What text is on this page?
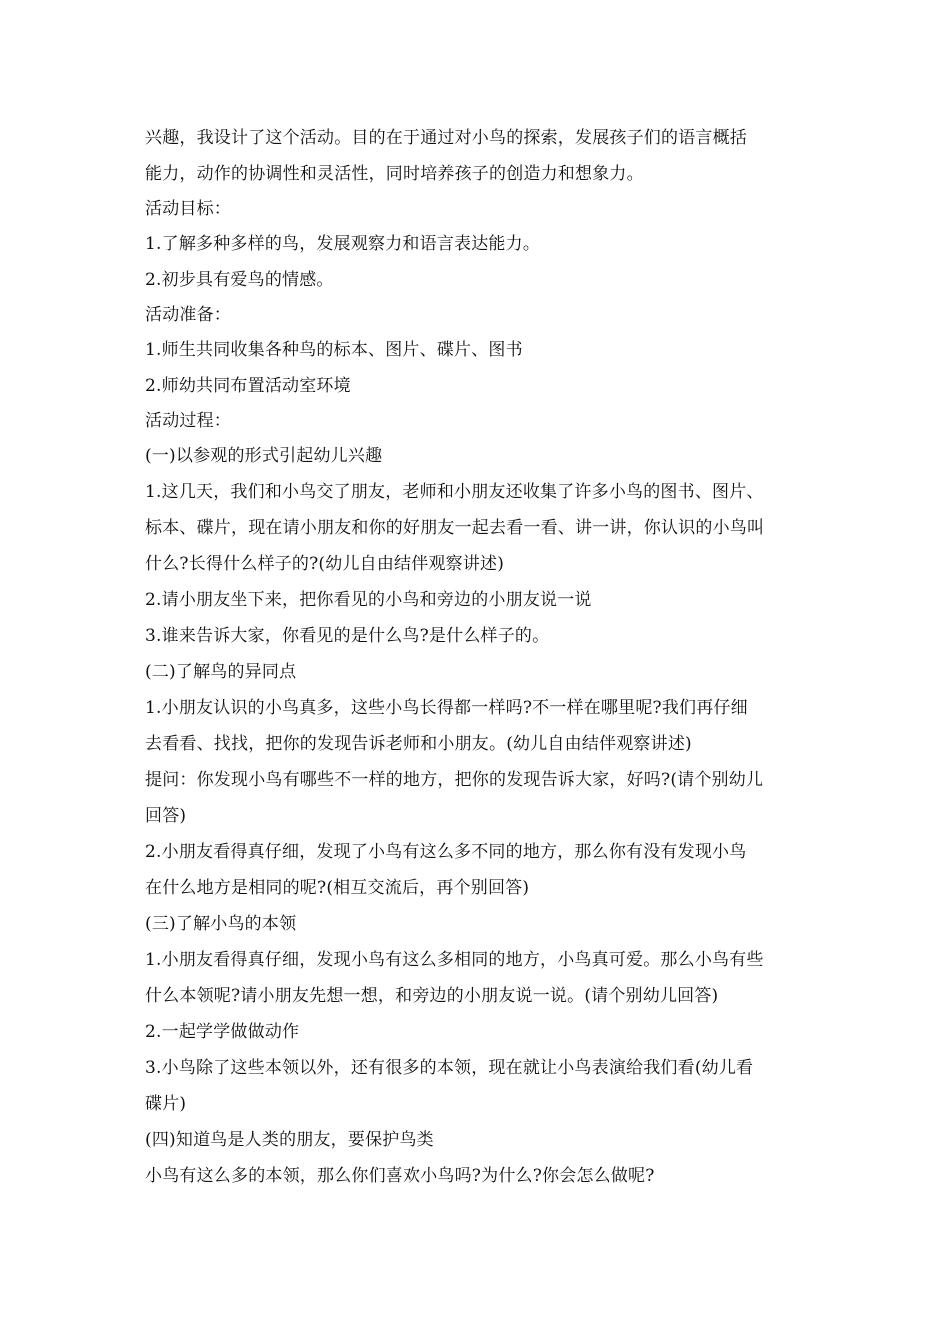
兴趣，我设计了这个活动。目的在于通过对小鸟的探索，发展孩子们的语言概括
能力，动作的协调性和灵活性，同时培养孩子的创造力和想象力。
活动目标：
1.了解多种多样的鸟，发展观察力和语言表达能力。
2.初步具有爱鸟的情感。
活动准备：
1.师生共同收集各种鸟的标本、图片、碟片、图书
2.师幼共同布置活动室环境
活动过程：
(一)以参观的形式引起幼儿兴趣
1.这几天，我们和小鸟交了朋友，老师和小朋友还收集了许多小鸟的图书、图片、
标本、碟片，现在请小朋友和你的好朋友一起去看一看、讲一讲，你认识的小鸟叫
什么?长得什么样子的?(幼儿自由结伴观察讲述)
2.请小朋友坐下来，把你看见的小鸟和旁边的小朋友说一说
3.谁来告诉大家，你看见的是什么鸟?是什么样子的。
(二)了解鸟的异同点
1.小朋友认识的小鸟真多，这些小鸟长得都一样吗?不一样在哪里呢?我们再仔细
去看看、找找，把你的发现告诉老师和小朋友。(幼儿自由结伴观察讲述)
提问：你发现小鸟有哪些不一样的地方，把你的发现告诉大家，好吗?(请个别幼儿
回答)
2.小朋友看得真仔细，发现了小鸟有这么多不同的地方，那么你有没有发现小鸟
在什么地方是相同的呢?(相互交流后，再个别回答)
(三)了解小鸟的本领
1.小朋友看得真仔细，发现小鸟有这么多相同的地方，小鸟真可爱。那么小鸟有些
什么本领呢?请小朋友先想一想，和旁边的小朋友说一说。(请个别幼儿回答)
2.一起学学做做动作
3.小鸟除了这些本领以外，还有很多的本领，现在就让小鸟表演给我们看(幼儿看
碟片)
(四)知道鸟是人类的朋友，要保护鸟类
小鸟有这么多的本领，那么你们喜欢小鸟吗?为什么?你会怎么做呢?
